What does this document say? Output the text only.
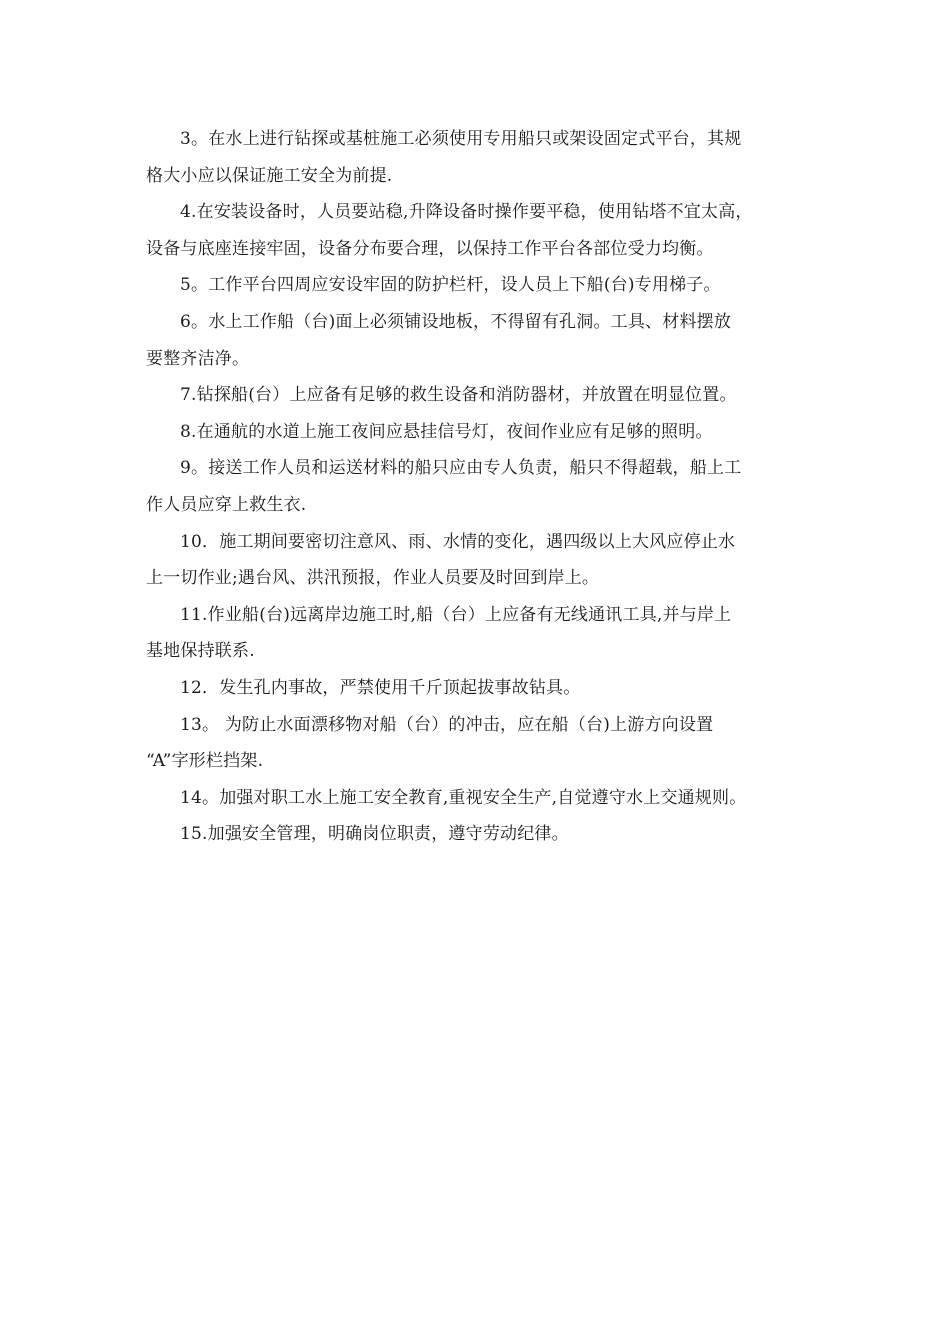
3。在水上进行钻探或基桩施工必须使用专用船只或架设固定式平台，其规
格大小应以保证施工安全为前提.
4.在安装设备时，人员要站稳,升降设备时操作要平稳，使用钻塔不宜太高，
设备与底座连接牢固，设备分布要合理，以保持工作平台各部位受力均衡。
5。工作平台四周应安设牢固的防护栏杆，设人员上下船(台)专用梯子。
6。水上工作船（台)面上必须铺设地板，不得留有孔洞。工具、材料摆放
要整齐洁净。
7.钻探船(台）上应备有足够的救生设备和消防器材，并放置在明显位置。
8.在通航的水道上施工夜间应悬挂信号灯，夜间作业应有足够的照明。
9。接送工作人员和运送材料的船只应由专人负责，船只不得超载，船上工
作人员应穿上救生衣.
10．施工期间要密切注意风、雨、水情的变化，遇四级以上大风应停止水
上一切作业;遇台风、洪汛预报，作业人员要及时回到岸上。
11.作业船(台)远离岸边施工时,船（台）上应备有无线通讯工具,并与岸上
基地保持联系.
12．发生孔内事故，严禁使用千斤顶起拔事故钻具。
13。 为防止水面漂移物对船（台）的冲击，应在船（台)上游方向设置
“A”字形栏挡架.
14。加强对职工水上施工安全教育,重视安全生产,自觉遵守水上交通规则。
15.加强安全管理，明确岗位职责，遵守劳动纪律。
